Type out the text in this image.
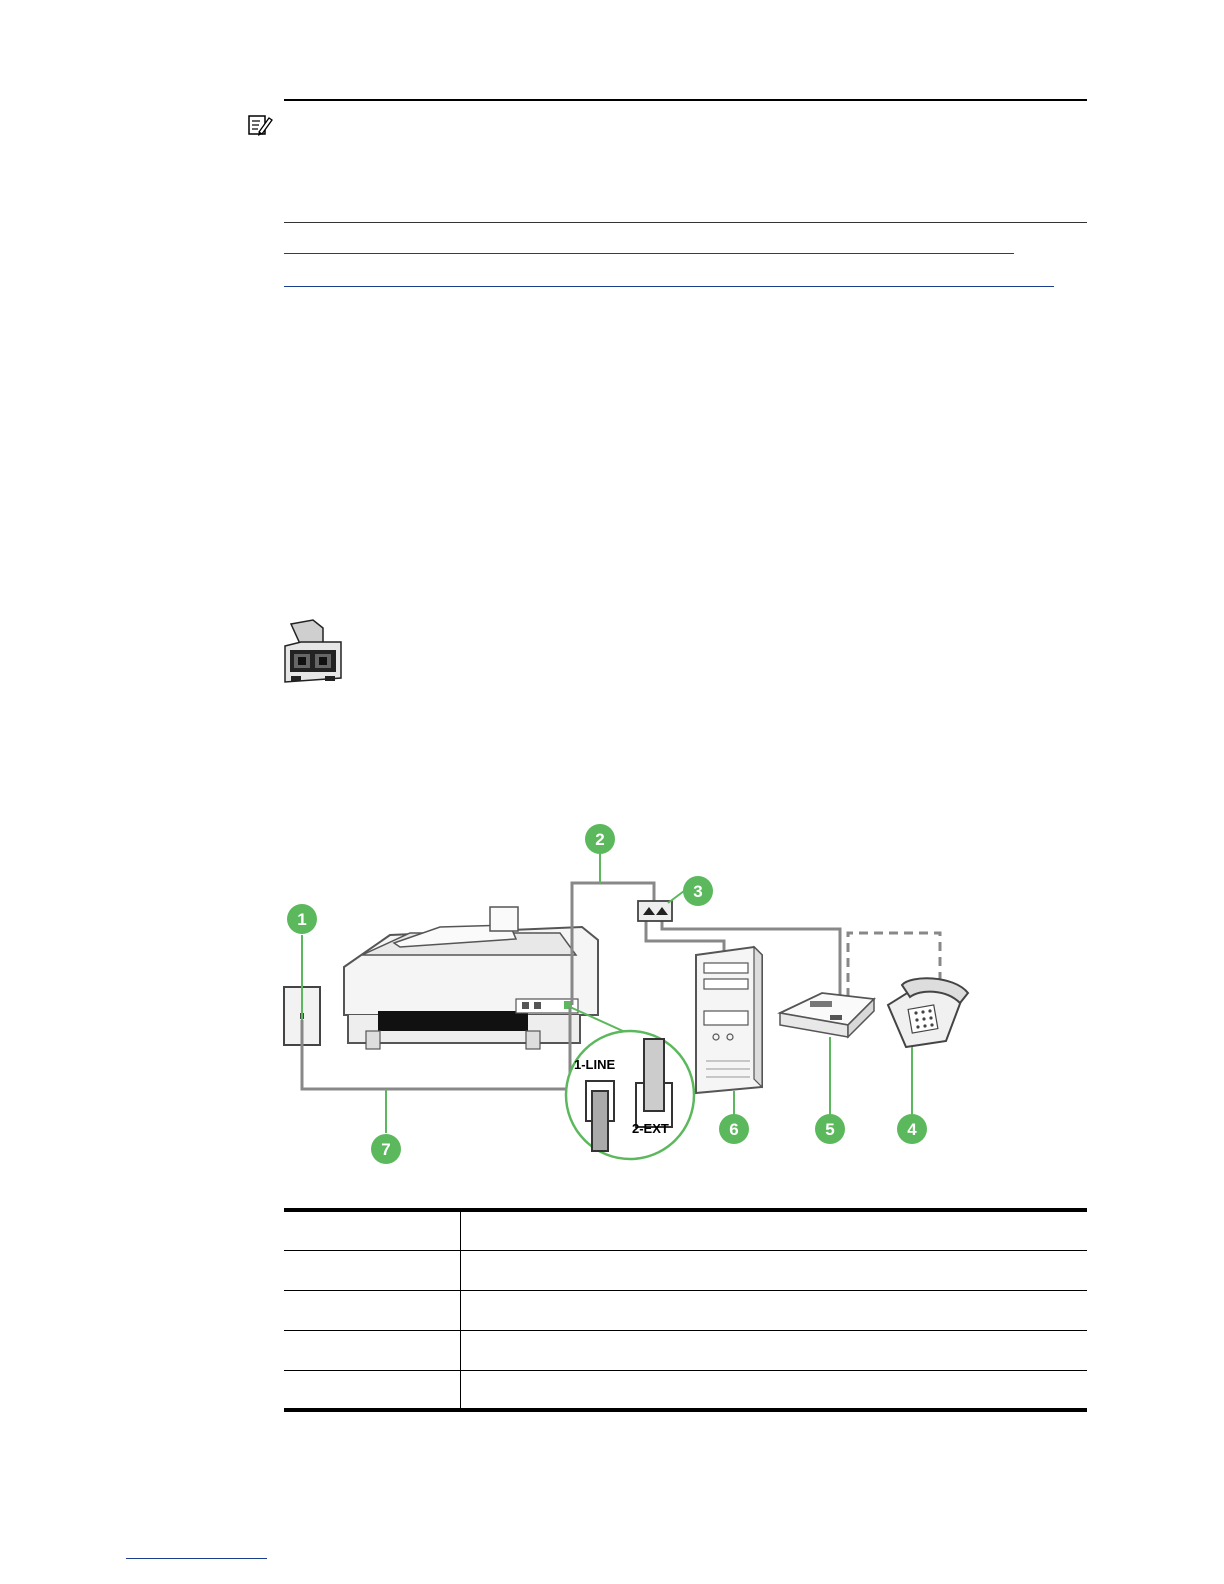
1-LINE
2-EXT
1
2
3
4
5
6
7
